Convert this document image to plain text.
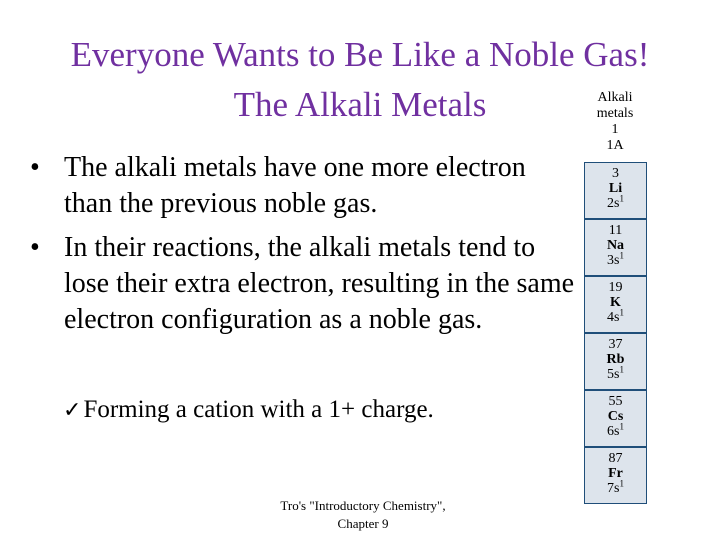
Everyone Wants to Be Like a Noble Gas!
The Alkali Metals
• The alkali metals have one more electron than the previous noble gas.
• In their reactions, the alkali metals tend to lose their extra electron, resulting in the same electron configuration as a noble gas.
✓Forming a cation with a 1+ charge.
Tro's "Introductory Chemistry",
Chapter 9
Alkali
metals
1
1A
3
Li
$2s^1$
11
Na
$3s^1$
19
K
$4s^1$
37
Rb
$5s^1$
55
Cs
$6s^1$
87
Fr
$7s^1$
